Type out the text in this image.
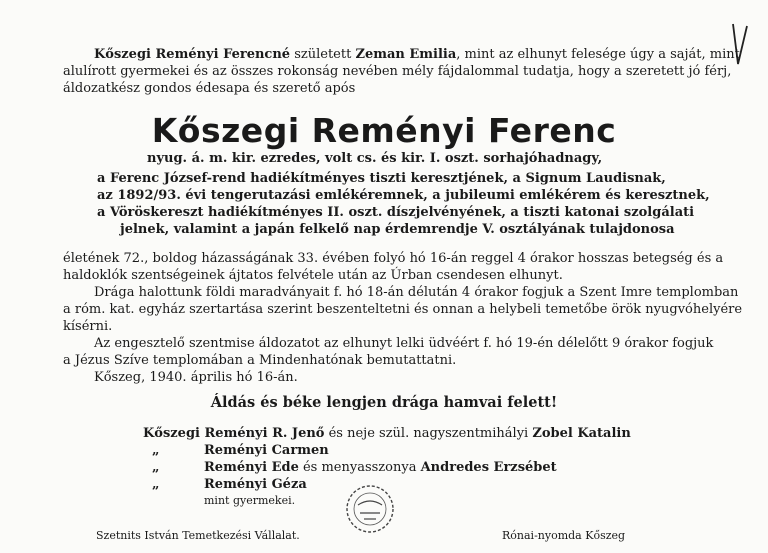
Kőszegi Reményi Ferencné született Zeman Emilia, mint az elhunyt felesége úgy a saját, mint
alulírott gyermekei és az összes rokonság nevében mély fájdalommal tudatja, hogy a szeretett jó férj,
áldozatkész gondos édesapa és szerető após
Kőszegi Reményi Ferenc
nyug. á. m. kir. ezredes, volt cs. és kir. I. oszt. sorhajóhadnagy,
a Ferenc József-rend hadiékítményes tiszti keresztjének, a Signum Laudisnak,
az 1892/93. évi tengerutazási emlékéremnek, a jubileumi emlékérem és keresztnek,
a Vöröskereszt hadiékítményes II. oszt. díszjelvényének, a tiszti katonai szolgálati
jelnek, valamint a japán felkelő nap érdemrendje V. osztályának tulajdonosa
életének 72., boldog házasságának 33. évében folyó hó 16-án reggel 4 órakor hosszas betegség és a
haldoklók szentségeinek ájtatos felvétele után az Úrban csendesen elhunyt.
Drága halottunk földi maradványait f. hó 18-án délután 4 órakor fogjuk a Szent Imre templomban
a róm. kat. egyház szertartása szerint beszenteltetni és onnan a helybeli temetőbe örök nyugvóhelyére
kísérni.
Az engesztelő szentmise áldozatot az elhunyt lelki üdvéért f. hó 19-én délelőtt 9 órakor fogjuk
a Jézus Szíve templomában a Mindenhatónak bemutattatni.
Kőszeg, 1940. április hó 16-án.
Áldás és béke lengjen drága hamvai felett!
Kőszegi Reményi R. Jenő és neje szül. nagyszentmihályi Zobel Katalin
„	Reményi Carmen
„	Reményi Ede és menyasszonya Andredes Erzsébet
„	Reményi Géza
mint gyermekei.
Szetnits István Temetkezési Vállalat.	Rónai-nyomda Kőszeg
